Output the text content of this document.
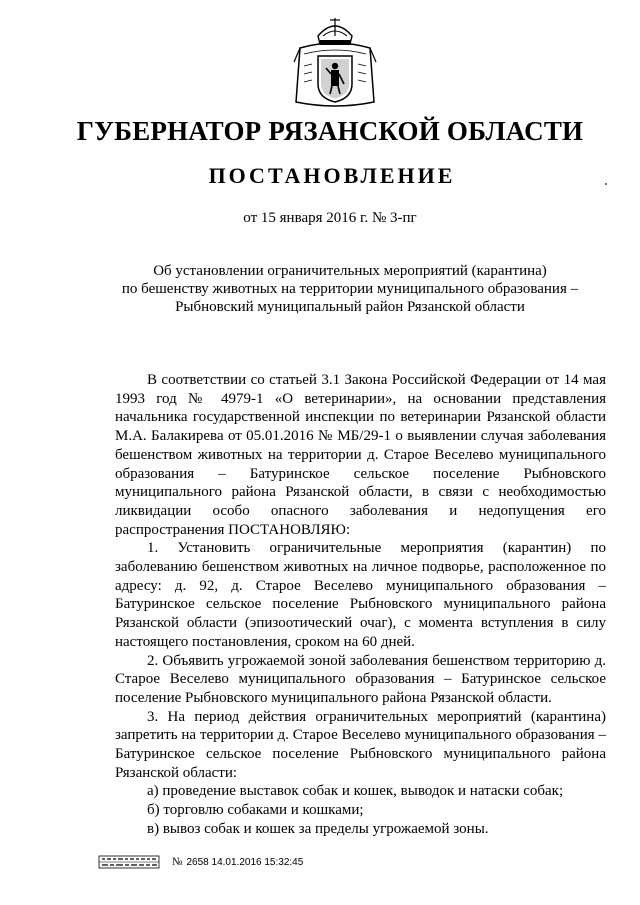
ГУБЕРНАТОР РЯЗАНСКОЙ ОБЛАСТИ
ПОСТАНОВЛЕНИЕ
от 15 января 2016 г. № 3-пг
Об установлении ограничительных мероприятий (карантина)
по бешенству животных на территории муниципального образования –
Рыбновский муниципальный район Рязанской области

В соответствии со статьей 3.1 Закона Российской Федерации от 14 мая 1993 год № 4979-1 «О ветеринарии», на основании представления начальника государственной инспекции по ветеринарии Рязанской области М.А. Балакирева от 05.01.2016 № МБ/29-1 о выявлении случая заболевания бешенством животных на территории д. Старое Веселево муниципального образования – Батуринское сельское поселение Рыбновского муниципального района Рязанской области, в связи с необходимостью ликвидации особо опасного заболевания и недопущения его распространения ПОСТАНОВЛЯЮ:

1. Установить ограничительные мероприятия (карантин) по заболеванию бешенством животных на личное подворье, расположенное по адресу: д. 92, д. Старое Веселево муниципального образования – Батуринское сельское поселение Рыбновского муниципального района Рязанской области (эпизоотический очаг), с момента вступления в силу настоящего постановления, сроком на 60 дней.

2. Объявить угрожаемой зоной заболевания бешенством территорию д. Старое Веселево муниципального образования – Батуринское сельское поселение Рыбновского муниципального района Рязанской области.

3. На период действия ограничительных мероприятий (карантина) запретить на территории д. Старое Веселево муниципального образования – Батуринское сельское поселение Рыбновского муниципального района Рязанской области:

а) проведение выставок собак и кошек, выводок и натаски собак;

б) торговлю собаками и кошками;

в) вывоз собак и кошек за пределы угрожаемой зоны.

№ 2658 14.01.2016 15:32:45
